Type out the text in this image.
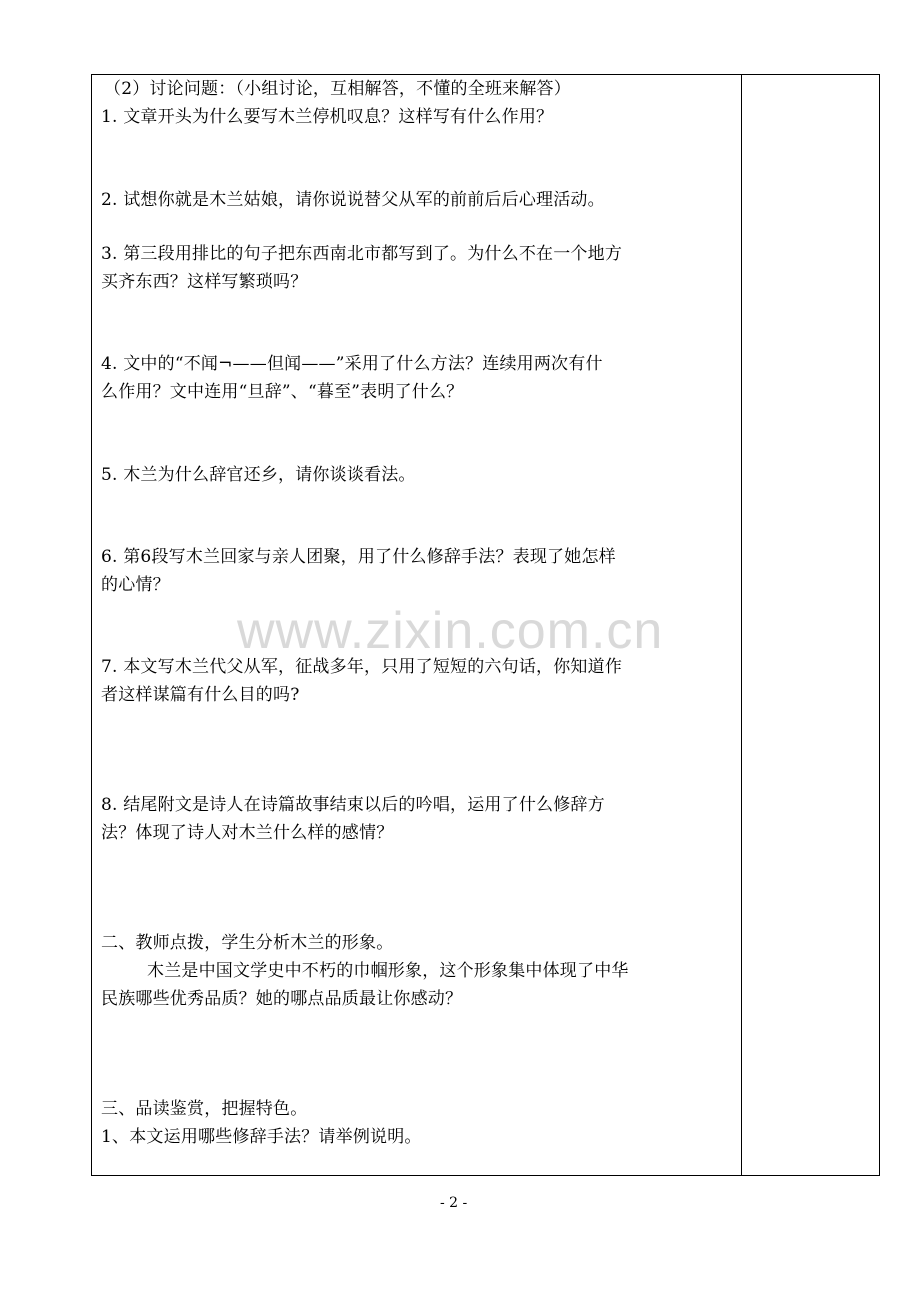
（2）讨论问题：（小组讨论，互相解答，不懂的全班来解答）
1. 文章开头为什么要写木兰停机叹息？这样写有什么作用？
2. 试想你就是木兰姑娘，请你说说替父从军的前前后后心理活动。
3. 第三段用排比的句子把东西南北市都写到了。为什么不在一个地方
买齐东西？这样写繁琐吗？
4. 文中的“不闻¬——但闻——”采用了什么方法？连续用两次有什
么作用？文中连用“旦辞”、“暮至”表明了什么？
5. 木兰为什么辞官还乡，请你谈谈看法。
6. 第6段写木兰回家与亲人团聚，用了什么修辞手法？表现了她怎样
的心情？
www.zixin.com.cn
7. 本文写木兰代父从军，征战多年，只用了短短的六句话，你知道作
者这样谋篇有什么目的吗?
8. 结尾附文是诗人在诗篇故事结束以后的吟唱，运用了什么修辞方
法？体现了诗人对木兰什么样的感情？
二、教师点拨，学生分析木兰的形象。
木兰是中国文学史中不朽的巾帼形象，这个形象集中体现了中华
民族哪些优秀品质？她的哪点品质最让你感动？
三、品读鉴赏，把握特色。
1、本文运用哪些修辞手法？请举例说明。
- 2 -
